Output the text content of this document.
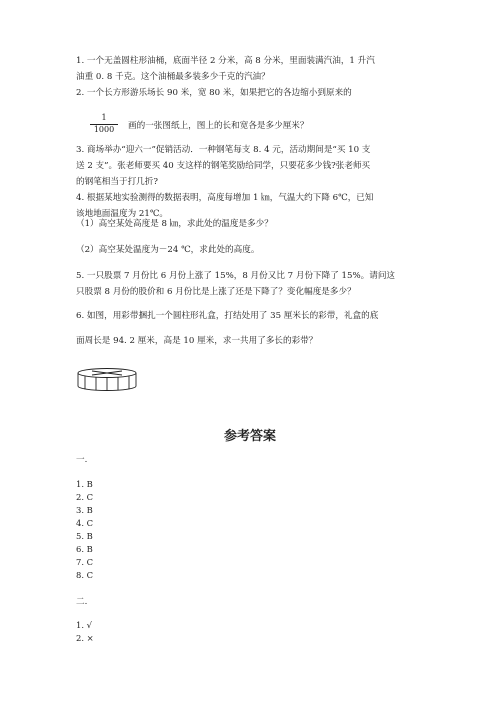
1. 一个无盖圆柱形油桶，底面半径 2 分米，高 8 分米，里面装满汽油，1 升汽
油重 0. 8 千克。这个油桶最多装多少千克的汽油？
2. 一个长方形游乐场长 90 米，宽 80 米，如果把它的各边缩小到原来的
1
1000	画的一张图纸上，图上的长和宽各是多少厘米？
3. 商场举办“迎六一”促销活动．一种钢笔每支 8. 4 元，活动期间是“买 10 支
送 2 支”。张老师要买 40 支这样的钢笔奖励给同学，只要花多少钱?张老师买
的钢笔相当于打几折?
4. 根据某地实验测得的数据表明，高度每增加 1 ㎞，气温大约下降 6℃，已知
该地地面温度为 21℃。
（1）高空某处高度是 8 ㎞，求此处的温度是多少？
（2）高空某处温度为－24 ℃，求此处的高度。
5. 一只股票 7 月份比 6 月份上涨了 15%，8 月份又比 7 月份下降了 15%。请问这
只股票 8 月份的股价和 6 月份比是上涨了还是下降了？变化幅度是多少？
6. 如图，用彩带捆扎一个圆柱形礼盒，打结处用了 35 厘米长的彩带，礼盒的底
面周长是 94. 2 厘米，高是 10 厘米，求一共用了多长的彩带？
参考答案
一.
1. B
2. C
3. B
4. C
5. B
6. B
7. C
8. C
二.
1. √
2. ×
